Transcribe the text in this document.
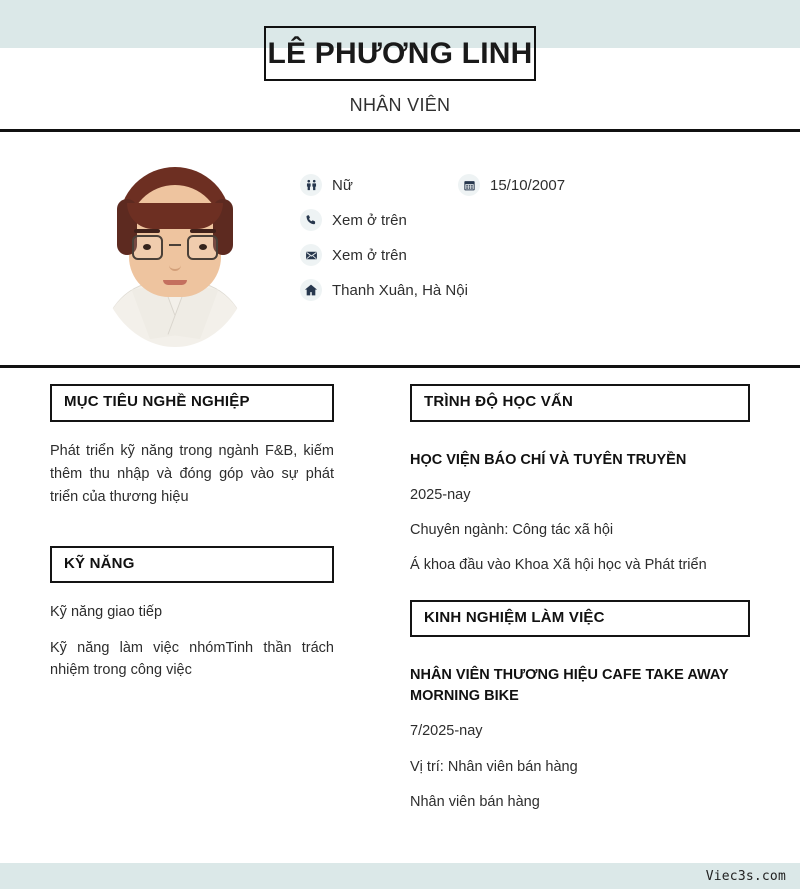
LÊ PHƯƠNG LINH
NHÂN VIÊN
Nữ	15/10/2007
Xem ở trên
Xem ở trên
Thanh Xuân, Hà Nội
MỤC TIÊU NGHỀ NGHIỆP
Phát triển kỹ năng trong ngành F&B, kiếm thêm thu nhập và đóng góp vào sự phát triển của thương hiệu
KỸ NĂNG
Kỹ năng giao tiếp
Kỹ năng làm việc nhómTinh thần trách nhiệm trong công việc
TRÌNH ĐỘ HỌC VẤN
HỌC VIỆN BÁO CHÍ VÀ TUYÊN TRUYỀN
2025-nay
Chuyên ngành: Công tác xã hội
Á khoa đầu vào Khoa Xã hội học và Phát triển
KINH NGHIỆM LÀM VIỆC
NHÂN VIÊN THƯƠNG HIỆU CAFE TAKE AWAY MORNING BIKE
7/2025-nay
Vị trí: Nhân viên bán hàng
Nhân viên bán hàng
Viec3s.com
